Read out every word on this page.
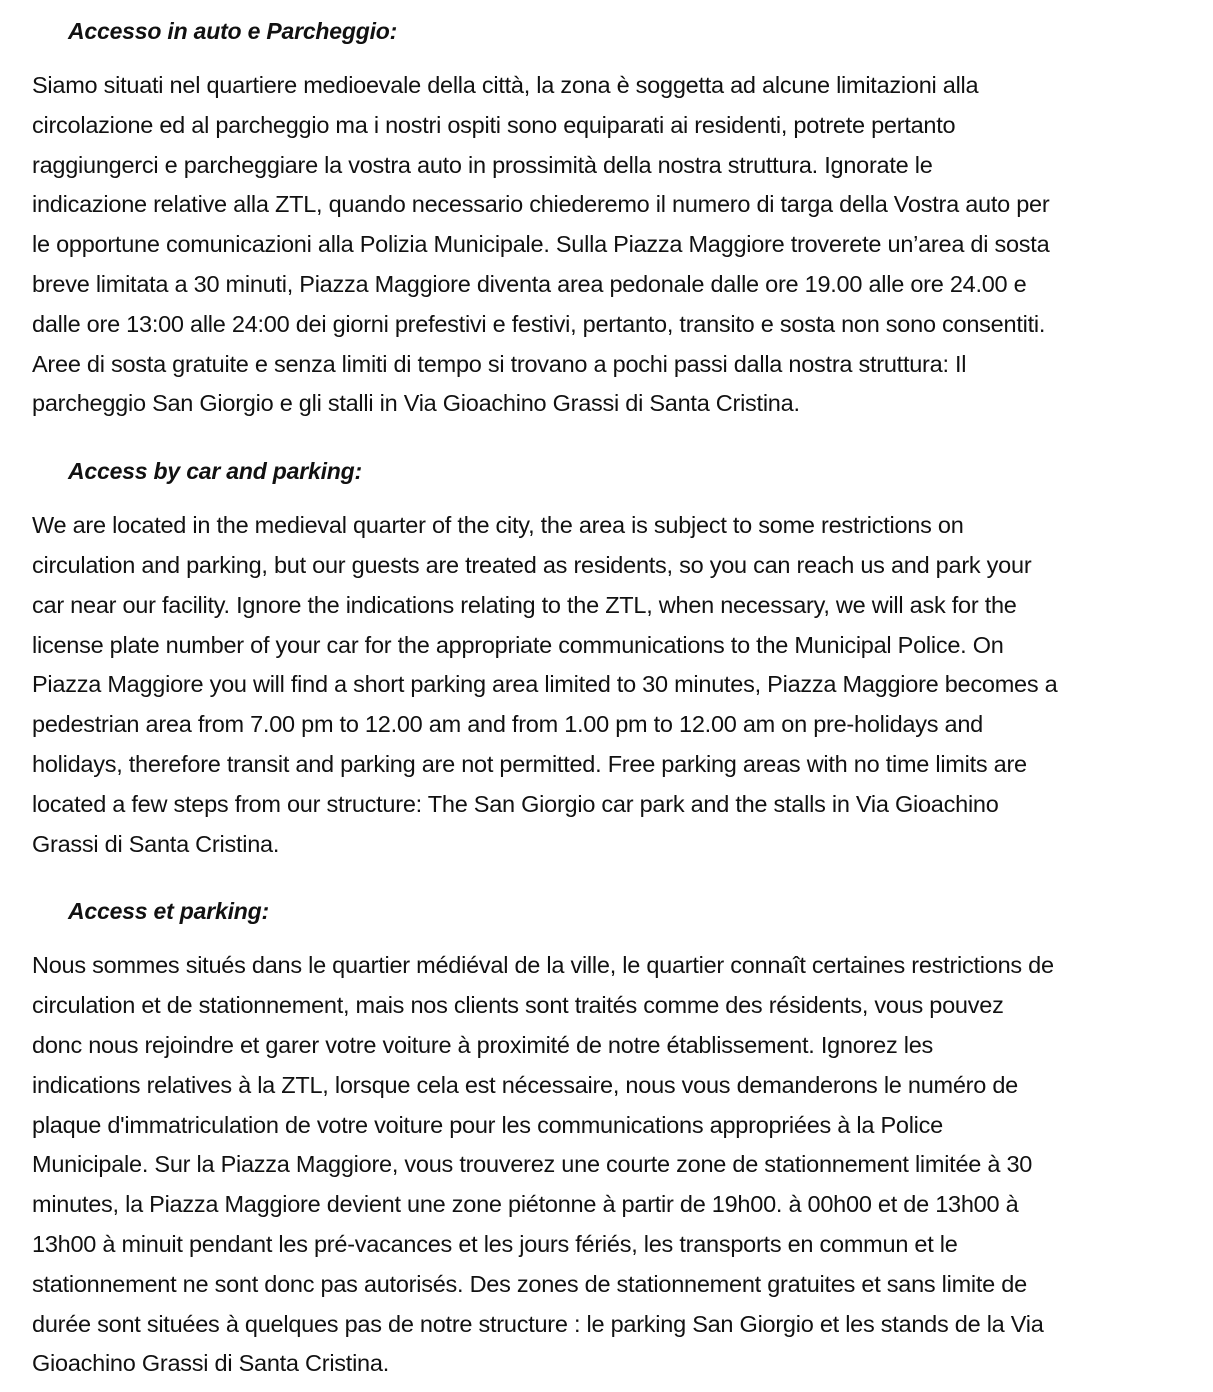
Accesso in auto e Parcheggio:
Siamo situati nel quartiere medioevale della città, la zona è soggetta ad alcune limitazioni alla
circolazione ed al parcheggio ma i nostri ospiti sono equiparati ai residenti, potrete pertanto
raggiungerci e parcheggiare la vostra auto in prossimità della nostra struttura. Ignorate le
indicazione relative alla ZTL, quando necessario chiederemo il numero di targa della Vostra auto per
le opportune comunicazioni alla Polizia Municipale. Sulla Piazza Maggiore troverete un’area di sosta
breve limitata a 30 minuti, Piazza Maggiore diventa area pedonale dalle ore 19.00 alle ore 24.00 e
dalle ore 13:00 alle 24:00 dei giorni prefestivi e festivi, pertanto, transito e sosta non sono consentiti.
Aree di sosta gratuite e senza limiti di tempo si trovano a pochi passi dalla nostra struttura: Il
parcheggio San Giorgio e gli stalli in Via Gioachino Grassi di Santa Cristina.
Access by car and parking:
We are located in the medieval quarter of the city, the area is subject to some restrictions on
circulation and parking, but our guests are treated as residents, so you can reach us and park your
car near our facility. Ignore the indications relating to the ZTL, when necessary, we will ask for the
license plate number of your car for the appropriate communications to the Municipal Police. On
Piazza Maggiore you will find a short parking area limited to 30 minutes, Piazza Maggiore becomes a
pedestrian area from 7.00 pm to 12.00 am and from 1.00 pm to 12.00 am on pre-holidays and
holidays, therefore transit and parking are not permitted. Free parking areas with no time limits are
located a few steps from our structure: The San Giorgio car park and the stalls in Via Gioachino
Grassi di Santa Cristina.
Access et parking:
Nous sommes situés dans le quartier médiéval de la ville, le quartier connaît certaines restrictions de
circulation et de stationnement, mais nos clients sont traités comme des résidents, vous pouvez
donc nous rejoindre et garer votre voiture à proximité de notre établissement. Ignorez les
indications relatives à la ZTL, lorsque cela est nécessaire, nous vous demanderons le numéro de
plaque d'immatriculation de votre voiture pour les communications appropriées à la Police
Municipale. Sur la Piazza Maggiore, vous trouverez une courte zone de stationnement limitée à 30
minutes, la Piazza Maggiore devient une zone piétonne à partir de 19h00. à 00h00 et de 13h00 à
13h00 à minuit pendant les pré-vacances et les jours fériés, les transports en commun et le
stationnement ne sont donc pas autorisés. Des zones de stationnement gratuites et sans limite de
durée sont situées à quelques pas de notre structure : le parking San Giorgio et les stands de la Via
Gioachino Grassi di Santa Cristina.
